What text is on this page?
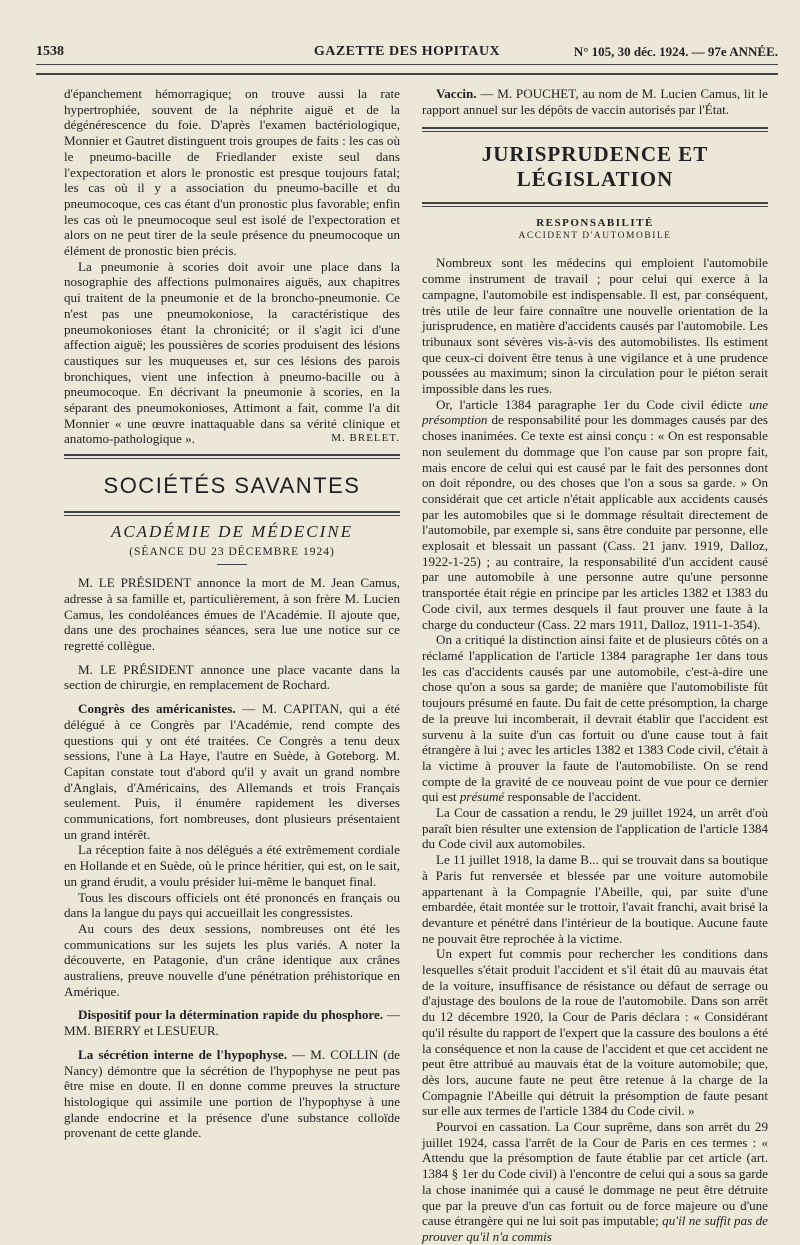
1538	GAZETTE DES HOPITAUX	N° 105, 30 déc. 1924. — 97e ANNÉE.

d'épanchement hémorragique; on trouve aussi la rate hypertrophiée, souvent de la néphrite aiguë et de la dégénérescence du foie. D'après l'examen bactériologique, Monnier et Gautret distinguent trois groupes de faits : les cas où le pneumo-bacille de Friedlander existe seul dans l'expectoration et alors le pronostic est presque toujours fatal; les cas où il y a association du pneumo-bacille et du pneumocoque, ces cas étant d'un pronostic plus favorable; enfin les cas où le pneumocoque seul est isolé de l'expectoration et alors on ne peut tirer de la seule présence du pneumocoque un élément de pronostic bien précis.

La pneumonie à scories doit avoir une place dans la nosographie des affections pulmonaires aiguës, aux chapitres qui traitent de la pneumonie et de la broncho-pneumonie. Ce n'est pas une pneumokoniose, la caractéristique des pneumokonioses étant la chronicité; or il s'agit ici d'une affection aiguë; les poussières de scories produisent des lésions caustiques sur les muqueuses et, sur ces lésions des parois bronchiques, vient une infection à pneumo-bacille ou à pneumocoque. En décrivant la pneumonie à scories, en la séparant des pneumokonioses, Attimont a fait, comme l'a dit Monnier « une œuvre inattaquable dans sa vérité clinique et anatomo-pathologique ».	M. BRELET.
SOCIÉTÉS SAVANTES
ACADÉMIE DE MÉDECINE
(SÉANCE DU 23 DÉCEMBRE 1924)

M. LE PRÉSIDENT annonce la mort de M. Jean Camus, adresse à sa famille et, particulièrement, à son frère M. Lucien Camus, les condoléances émues de l'Académie. Il ajoute que, dans une des prochaines séances, sera lue une notice sur ce regretté collègue.

M. LE PRÉSIDENT annonce une place vacante dans la section de chirurgie, en remplacement de Rochard.

Congrès des américanistes. — M. CAPITAN, qui a été délégué à ce Congrès par l'Académie, rend compte des questions qui y ont été traitées. Ce Congrès a tenu deux sessions, l'une à La Haye, l'autre en Suède, à Goteborg. M. Capitan constate tout d'abord qu'il y avait un grand nombre d'Anglais, d'Américains, des Allemands et trois Français seulement. Puis, il énumère rapidement les diverses communications, fort nombreuses, dont plusieurs présentaient un grand intérêt.

La réception faite à nos délégués a été extrêmement cordiale en Hollande et en Suède, où le prince héritier, qui est, on le sait, un grand érudit, a voulu présider lui-même le banquet final.

Tous les discours officiels ont été prononcés en français ou dans la langue du pays qui accueillait les congressistes.

Au cours des deux sessions, nombreuses ont été les communications sur les sujets les plus variés. A noter la découverte, en Patagonie, d'un crâne identique aux crânes australiens, preuve nouvelle d'une pénétration préhistorique en Amérique.

Dispositif pour la détermination rapide du phosphore. — MM. BIERRY et LESUEUR.

La sécrétion interne de l'hypophyse. — M. COLLIN (de Nancy) démontre que la sécrétion de l'hypophyse ne peut pas être mise en doute. Il en donne comme preuves la structure histologique qui assimile une portion de l'hypophyse à une glande endocrine et la présence d'une substance colloïde provenant de cette glande.

Vaccin. — M. POUCHET, au nom de M. Lucien Camus, lit le rapport annuel sur les dépôts de vaccin autorisés par l'État.

JURISPRUDENCE ET LÉGISLATION
RESPONSABILITÉ
ACCIDENT D'AUTOMOBILE

Nombreux sont les médecins qui emploient l'automobile comme instrument de travail ; pour celui qui exerce à la campagne, l'automobile est indispensable. Il est, par conséquent, très utile de leur faire connaître une nouvelle orientation de la jurisprudence, en matière d'accidents causés par l'automobile. Les tribunaux sont sévères vis-à-vis des automobilistes. Ils estiment que ceux-ci doivent être tenus à une vigilance et à une prudence poussées au maximum; sinon la circulation pour le piéton serait impossible dans les rues.

Or, l'article 1384 paragraphe 1er du Code civil édicte une présomption de responsabilité pour les dommages causés par des choses inanimées. Ce texte est ainsi conçu : « On est responsable non seulement du dommage que l'on cause par son propre fait, mais encore de celui qui est causé par le fait des personnes dont on doit répondre, ou des choses que l'on a sous sa garde. » On considérait que cet article n'était applicable aux accidents causés par les automobiles que si le dommage résultait directement de l'automobile, par exemple si, sans être conduite par personne, elle explosait et blessait un passant (Cass. 21 janv. 1919, Dalloz, 1922-1-25) ; au contraire, la responsabilité d'un accident causé par une automobile à une personne autre qu'une personne transportée était régie en principe par les articles 1382 et 1383 du Code civil, aux termes desquels il faut prouver une faute à la charge du conducteur (Cass. 22 mars 1911, Dalloz, 1911-1-354).

On a critiqué la distinction ainsi faite et de plusieurs côtés on a réclamé l'application de l'article 1384 paragraphe 1er dans tous les cas d'accidents causés par une automobile, c'est-à-dire une chose qu'on a sous sa garde; de manière que l'automobiliste fût toujours présumé en faute. Du fait de cette présomption, la charge de la preuve lui incomberait, il devrait établir que l'accident est survenu à la suite d'un cas fortuit ou d'une cause tout à fait étrangère à lui ; avec les articles 1382 et 1383 Code civil, c'était à la victime à prouver la faute de l'automobiliste. On se rend compte de la gravité de ce nouveau point de vue pour ce dernier qui est présumé responsable de l'accident.

La Cour de cassation a rendu, le 29 juillet 1924, un arrêt d'où paraît bien résulter une extension de l'application de l'article 1384 du Code civil aux automobiles.

Le 11 juillet 1918, la dame B... qui se trouvait dans sa boutique à Paris fut renversée et blessée par une voiture automobile appartenant à la Compagnie l'Abeille, qui, par suite d'une embardée, était montée sur le trottoir, l'avait franchi, avait brisé la devanture et pénétré dans l'intérieur de la boutique. Aucune faute ne pouvait être reprochée à la victime.

Un expert fut commis pour rechercher les conditions dans lesquelles s'était produit l'accident et s'il était dû au mauvais état de la voiture, insuffisance de résistance ou défaut de serrage ou d'ajustage des boulons de la roue de l'automobile. Dans son arrêt du 12 décembre 1920, la Cour de Paris déclara : « Considérant qu'il résulte du rapport de l'expert que la cassure des boulons a été la conséquence et non la cause de l'accident et que cet accident ne peut être attribué au mauvais état de la voiture automobile; que, dès lors, aucune faute ne peut être retenue à la charge de la Compagnie l'Abeille qui détruit la présomption de faute pesant sur elle aux termes de l'article 1384 du Code civil. »

Pourvoi en cassation. La Cour suprême, dans son arrêt du 29 juillet 1924, cassa l'arrêt de la Cour de Paris en ces termes : « Attendu que la présomption de faute établie par cet article (art. 1384 § 1er du Code civil) à l'encontre de celui qui a sous sa garde la chose inanimée qui a causé le dommage ne peut être détruite que par la preuve d'un cas fortuit ou de force majeure ou d'une cause étrangère qui ne lui soit pas imputable; qu'il ne suffit pas de prouver qu'il n'a commis
